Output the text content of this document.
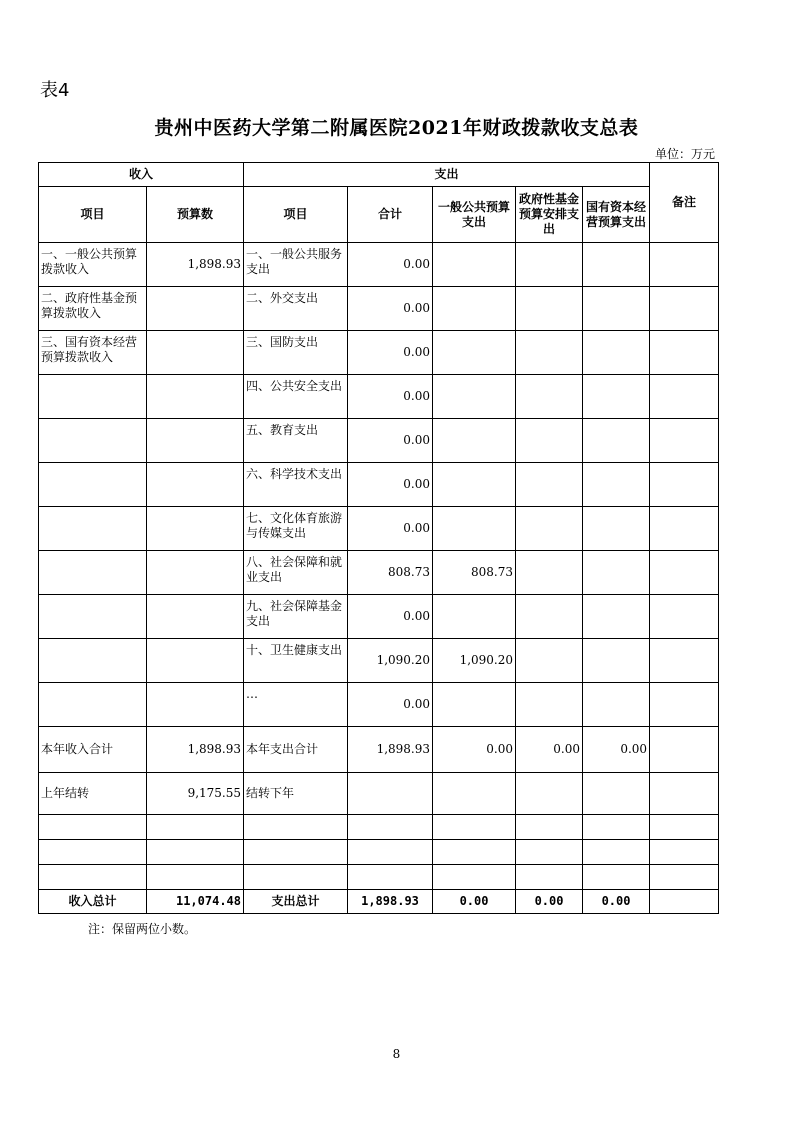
表4
贵州中医药大学第二附属医院2021年财政拨款收支总表
单位：万元
收入		支出					备注
项目	预算数	项目	合计	一般公共预算支出	政府性基金预算安排支出	国有资本经营预算支出	
一、一般公共预算拨款收入	1,898.93	一、一般公共服务支出	0.00				
二、政府性基金预算拨款收入		二、外交支出	0.00				
三、国有资本经营预算拨款收入		三、国防支出	0.00				
		四、公共安全支出	0.00				
		五、教育支出	0.00				
		六、科学技术支出	0.00				
		七、文化体育旅游与传媒支出	0.00				
		八、社会保障和就业支出	808.73	808.73			
		九、社会保障基金支出	0.00				
		十、卫生健康支出	1,090.20	1,090.20			
		…	0.00				
本年收入合计	1,898.93	本年支出合计	1,898.93	0.00	0.00	0.00	
上年结转	9,175.55	结转下年					

收入总计	11,074.48	支出总计	1,898.93	0.00	0.00	0.00	
注：保留两位小数。
8
